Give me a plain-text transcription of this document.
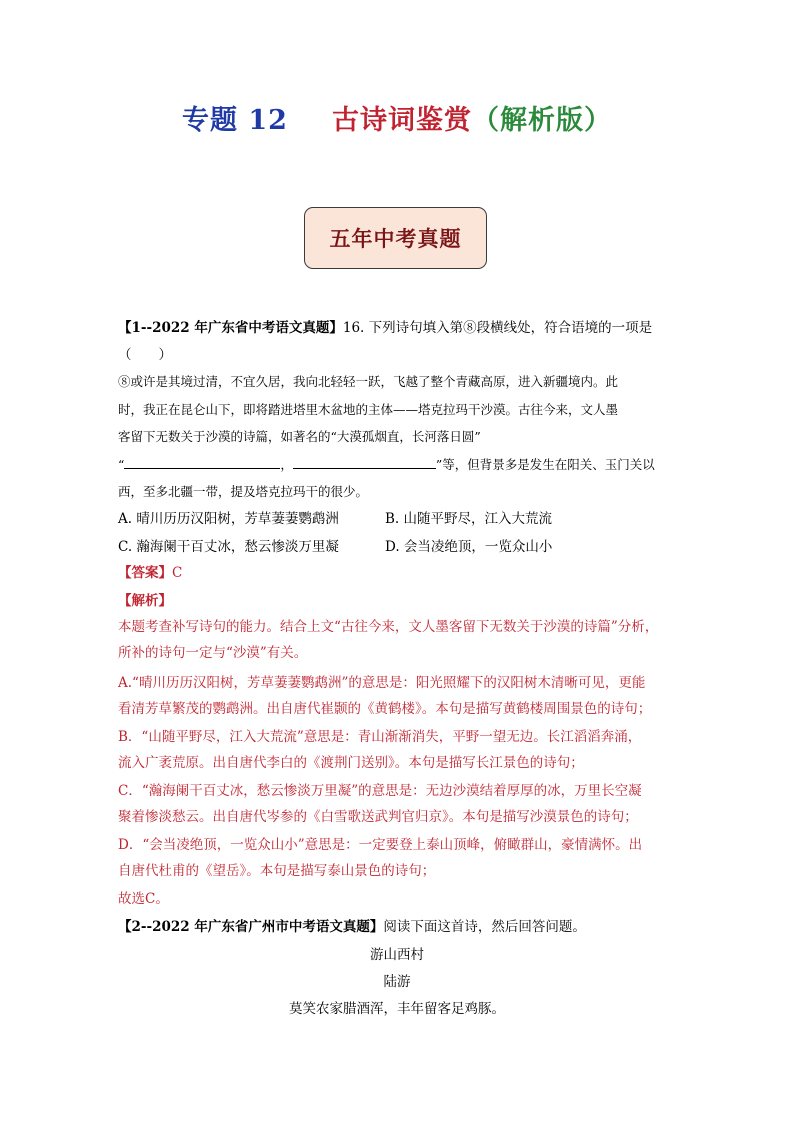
专题 12 古诗词鉴赏（解析版）
五年中考真题
【1--2022 年广东省中考语文真题】16. 下列诗句填入第⑧段横线处，符合语境的一项是
（　　）
⑧或许是其境过清，不宜久居，我向北轻轻一跃，飞越了整个青藏高原，进入新疆境内。此
时，我正在昆仑山下，即将踏进塔里木盆地的主体——塔克拉玛干沙漠。古往今来，文人墨
客留下无数关于沙漠的诗篇，如著名的“大漠孤烟直，长河落日圆”
“	，	”等，但背景多是发生在阳关、玉门关以
西，至多北疆一带，提及塔克拉玛干的很少。
A. 晴川历历汉阳树，芳草萋萋鹦鹉洲	B. 山随平野尽，江入大荒流
C. 瀚海阑干百丈冰，愁云惨淡万里凝	D. 会当凌绝顶，一览众山小
【答案】C
【解析】
本题考查补写诗句的能力。结合上文“古往今来，文人墨客留下无数关于沙漠的诗篇”分析，
所补的诗句一定与“沙漠”有关。
A.“晴川历历汉阳树，芳草萋萋鹦鹉洲”的意思是：阳光照耀下的汉阳树木清晰可见，更能
看清芳草繁茂的鹦鹉洲。出自唐代崔颢的《黄鹤楼》。本句是描写黄鹤楼周围景色的诗句；
B．“山随平野尽，江入大荒流”意思是：青山渐渐消失，平野一望无边。长江滔滔奔涌，
流入广袤荒原。出自唐代李白的《渡荆门送别》。本句是描写长江景色的诗句；
C．“瀚海阑干百丈冰，愁云惨淡万里凝”的意思是：无边沙漠结着厚厚的冰，万里长空凝
聚着惨淡愁云。出自唐代岑参的《白雪歌送武判官归京》。本句是描写沙漠景色的诗句；
D．“会当凌绝顶，一览众山小”意思是：一定要登上泰山顶峰，俯瞰群山，豪情满怀。出
自唐代杜甫的《望岳》。本句是描写泰山景色的诗句；
故选C。
【2--2022 年广东省广州市中考语文真题】阅读下面这首诗，然后回答问题。
游山西村
陆游
莫笑农家腊酒浑，丰年留客足鸡豚。
